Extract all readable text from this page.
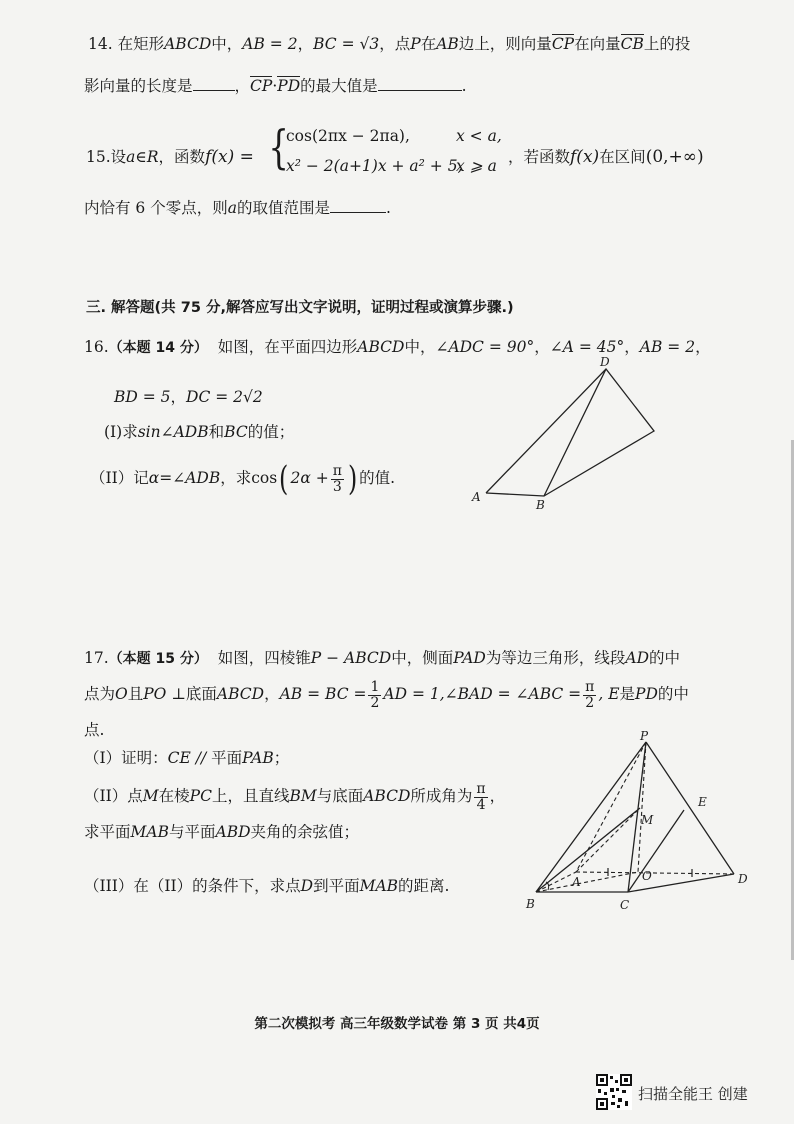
14. 在矩形ABCD中，AB = 2，BC = √3，点P在AB边上，则向量CP在向量CB上的投
影向量的长度是	，CP·PD的最大值是	.
15.设a∈R，函数f(x) = {
cos(2πx − 2πa),	x < a,
x² − 2(a+1)x + a² + 5,
x ⩾ a ，若函数f(x)在区间(0,+∞)
内恰有 6 个零点，则a的取值范围是	.
三. 解答题(共 75 分,解答应写出文字说明，证明过程或演算步骤.)
16.（本题 14 分） 如图，在平面四边形ABCD中，∠ADC = 90°，∠A = 45°，AB = 2，
BD = 5，DC = 2√2
(I)求sin∠ADB和BC的值；
（II）记α=∠ADB，求cos( $2\alpha + \frac{\pi}{3}$ ) 的值.
D
A
B
17.（本题 15 分） 如图，四棱锥P − ABCD中，侧面PAD为等边三角形，线段AD的中
点为O且PO ⊥底面ABCD，AB = BC = $\frac{1}{2}$ AD = 1,∠BAD = ∠ABC = $\frac{\pi}{2}$ , E是PD的中
点.
（I）证明：CE // 平面PAB；
（II）点M在棱PC上，且直线BM与底面ABCD所成角为 $\frac{\pi}{4}$ ，
求平面MAB与平面ABD夹角的余弦值；
（III）在（II）的条件下，求点D到平面MAB的距离.
P
E
M
A	O	D
B	C
第二次模拟考 高三年级数学试卷 第 3 页 共4页
扫描全能王 创建
